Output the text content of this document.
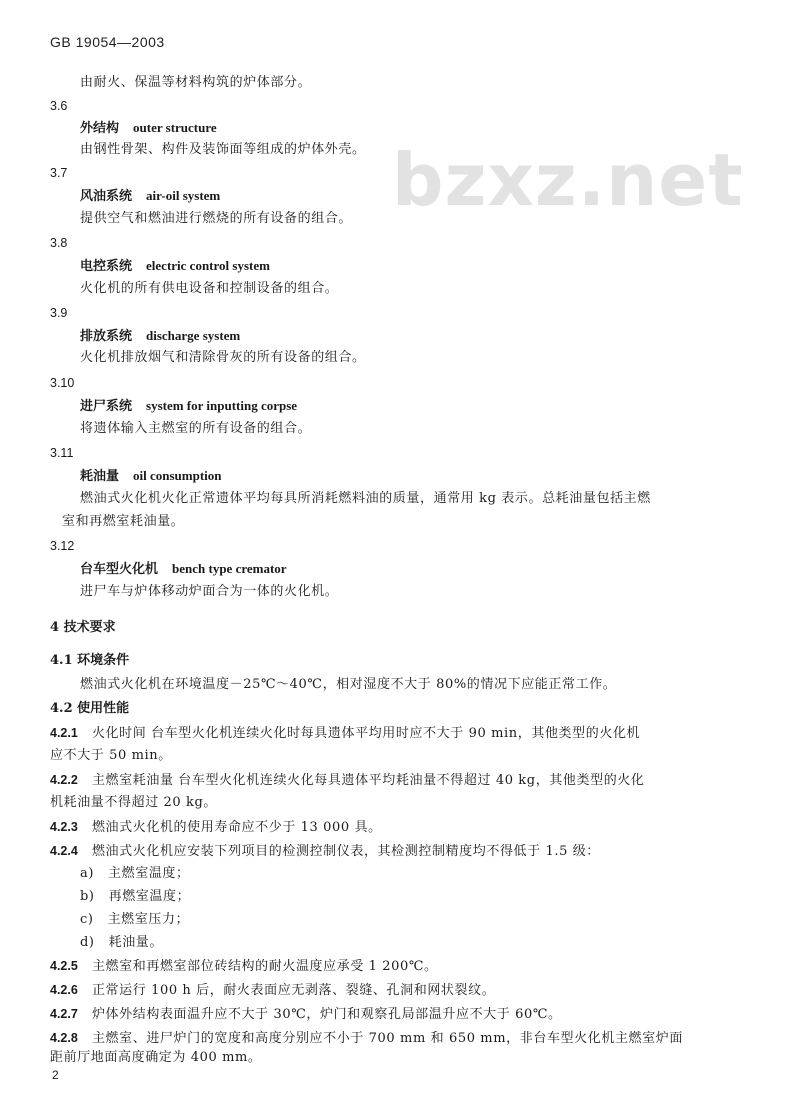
GB 19054—2003
bzxz.net
由耐火、保温等材料构筑的炉体部分。
3.6
外结构 outer structure
由钢性骨架、构件及装饰面等组成的炉体外壳。
3.7
风油系统 air-oil system
提供空气和燃油进行燃烧的所有设备的组合。
3.8
电控系统 electric control system
火化机的所有供电设备和控制设备的组合。
3.9
排放系统 discharge system
火化机排放烟气和清除骨灰的所有设备的组合。
3.10
进尸系统 system for inputting corpse
将遗体输入主燃室的所有设备的组合。
3.11
耗油量 oil consumption
燃油式火化机火化正常遗体平均每具所消耗燃料油的质量，通常用 kg 表示。总耗油量包括主燃
室和再燃室耗油量。
3.12
台车型火化机 bench type cremator
进尸车与炉体移动炉面合为一体的火化机。
4 技术要求
4.1 环境条件
燃油式火化机在环境温度－25℃～40℃，相对湿度不大于 80%的情况下应能正常工作。
4.2 使用性能
4.2.1 火化时间 台车型火化机连续火化时每具遗体平均用时应不大于 90 min，其他类型的火化机
应不大于 50 min。
4.2.2 主燃室耗油量 台车型火化机连续火化每具遗体平均耗油量不得超过 40 kg，其他类型的火化
机耗油量不得超过 20 kg。
4.2.3 燃油式火化机的使用寿命应不少于 13 000 具。
4.2.4 燃油式火化机应安装下列项目的检测控制仪表，其检测控制精度均不得低于 1.5 级：
a) 主燃室温度；
b) 再燃室温度；
c) 主燃室压力；
d) 耗油量。
4.2.5 主燃室和再燃室部位砖结构的耐火温度应承受 1 200℃。
4.2.6 正常运行 100 h 后，耐火表面应无剥落、裂缝、孔洞和网状裂纹。
4.2.7 炉体外结构表面温升应不大于 30℃，炉门和观察孔局部温升应不大于 60℃。
4.2.8 主燃室、进尸炉门的宽度和高度分别应不小于 700 mm 和 650 mm，非台车型火化机主燃室炉面
距前厅地面高度确定为 400 mm。
2
